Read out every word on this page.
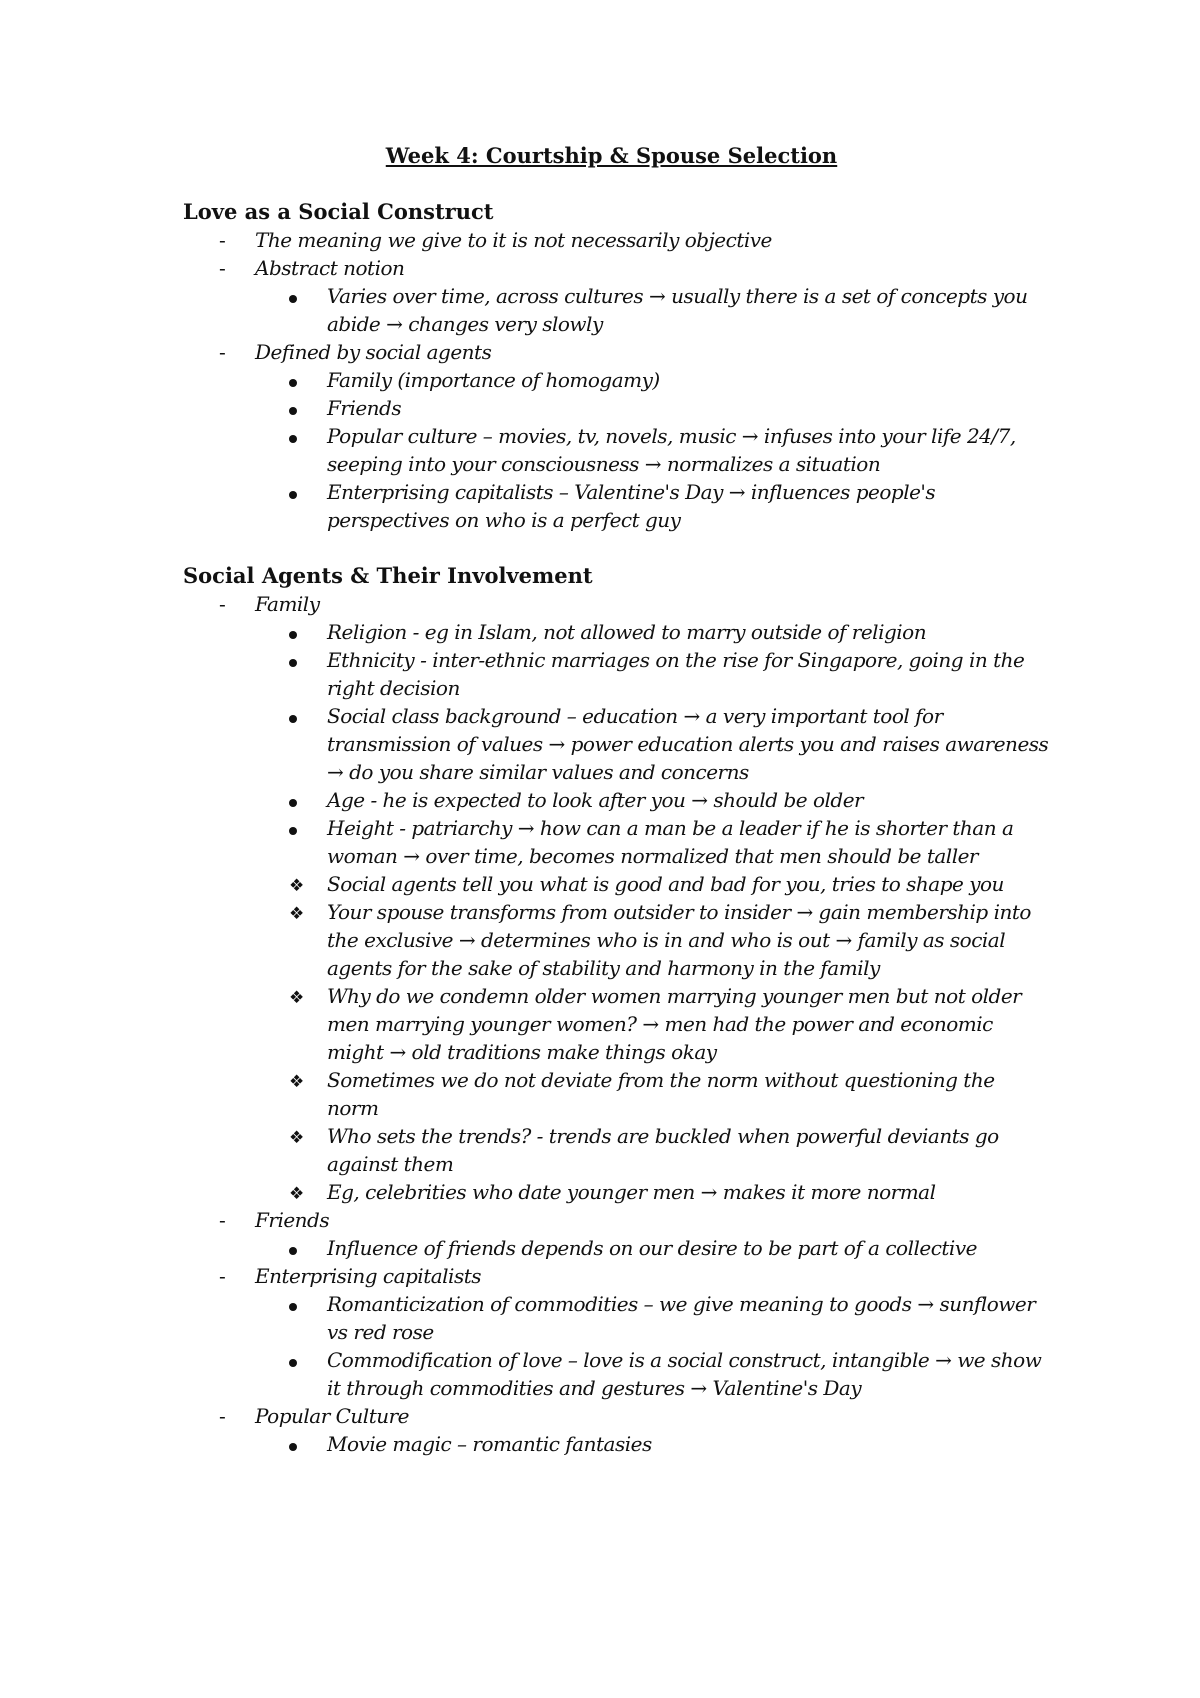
Week 4: Courtship & Spouse Selection
Love as a Social Construct
- The meaning we give to it is not necessarily objective
- Abstract notion
Varies over time, across cultures → usually there is a set of concepts you abide → changes very slowly
- Defined by social agents
Family (importance of homogamy)
Friends
Popular culture – movies, tv, novels, music → infuses into your life 24/7, seeping into your consciousness → normalizes a situation
Enterprising capitalists – Valentine's Day → influences people's perspectives on who is a perfect guy
Social Agents & Their Involvement
- Family
Religion - eg in Islam, not allowed to marry outside of religion
Ethnicity - inter-ethnic marriages on the rise for Singapore, going in the right decision
Social class background – education → a very important tool for transmission of values → power education alerts you and raises awareness → do you share similar values and concerns
Age - he is expected to look after you → should be older
Height - patriarchy → how can a man be a leader if he is shorter than a woman → over time, becomes normalized that men should be taller
❖ Social agents tell you what is good and bad for you, tries to shape you
❖ Your spouse transforms from outsider to insider → gain membership into the exclusive → determines who is in and who is out → family as social agents for the sake of stability and harmony in the family
❖ Why do we condemn older women marrying younger men but not older men marrying younger women? → men had the power and economic might → old traditions make things okay
❖ Sometimes we do not deviate from the norm without questioning the norm
❖ Who sets the trends? - trends are buckled when powerful deviants go against them
❖ Eg, celebrities who date younger men → makes it more normal
- Friends
Influence of friends depends on our desire to be part of a collective
- Enterprising capitalists
Romanticization of commodities – we give meaning to goods → sunflower vs red rose
Commodification of love – love is a social construct, intangible → we show it through commodities and gestures → Valentine's Day
- Popular Culture
Movie magic – romantic fantasies
